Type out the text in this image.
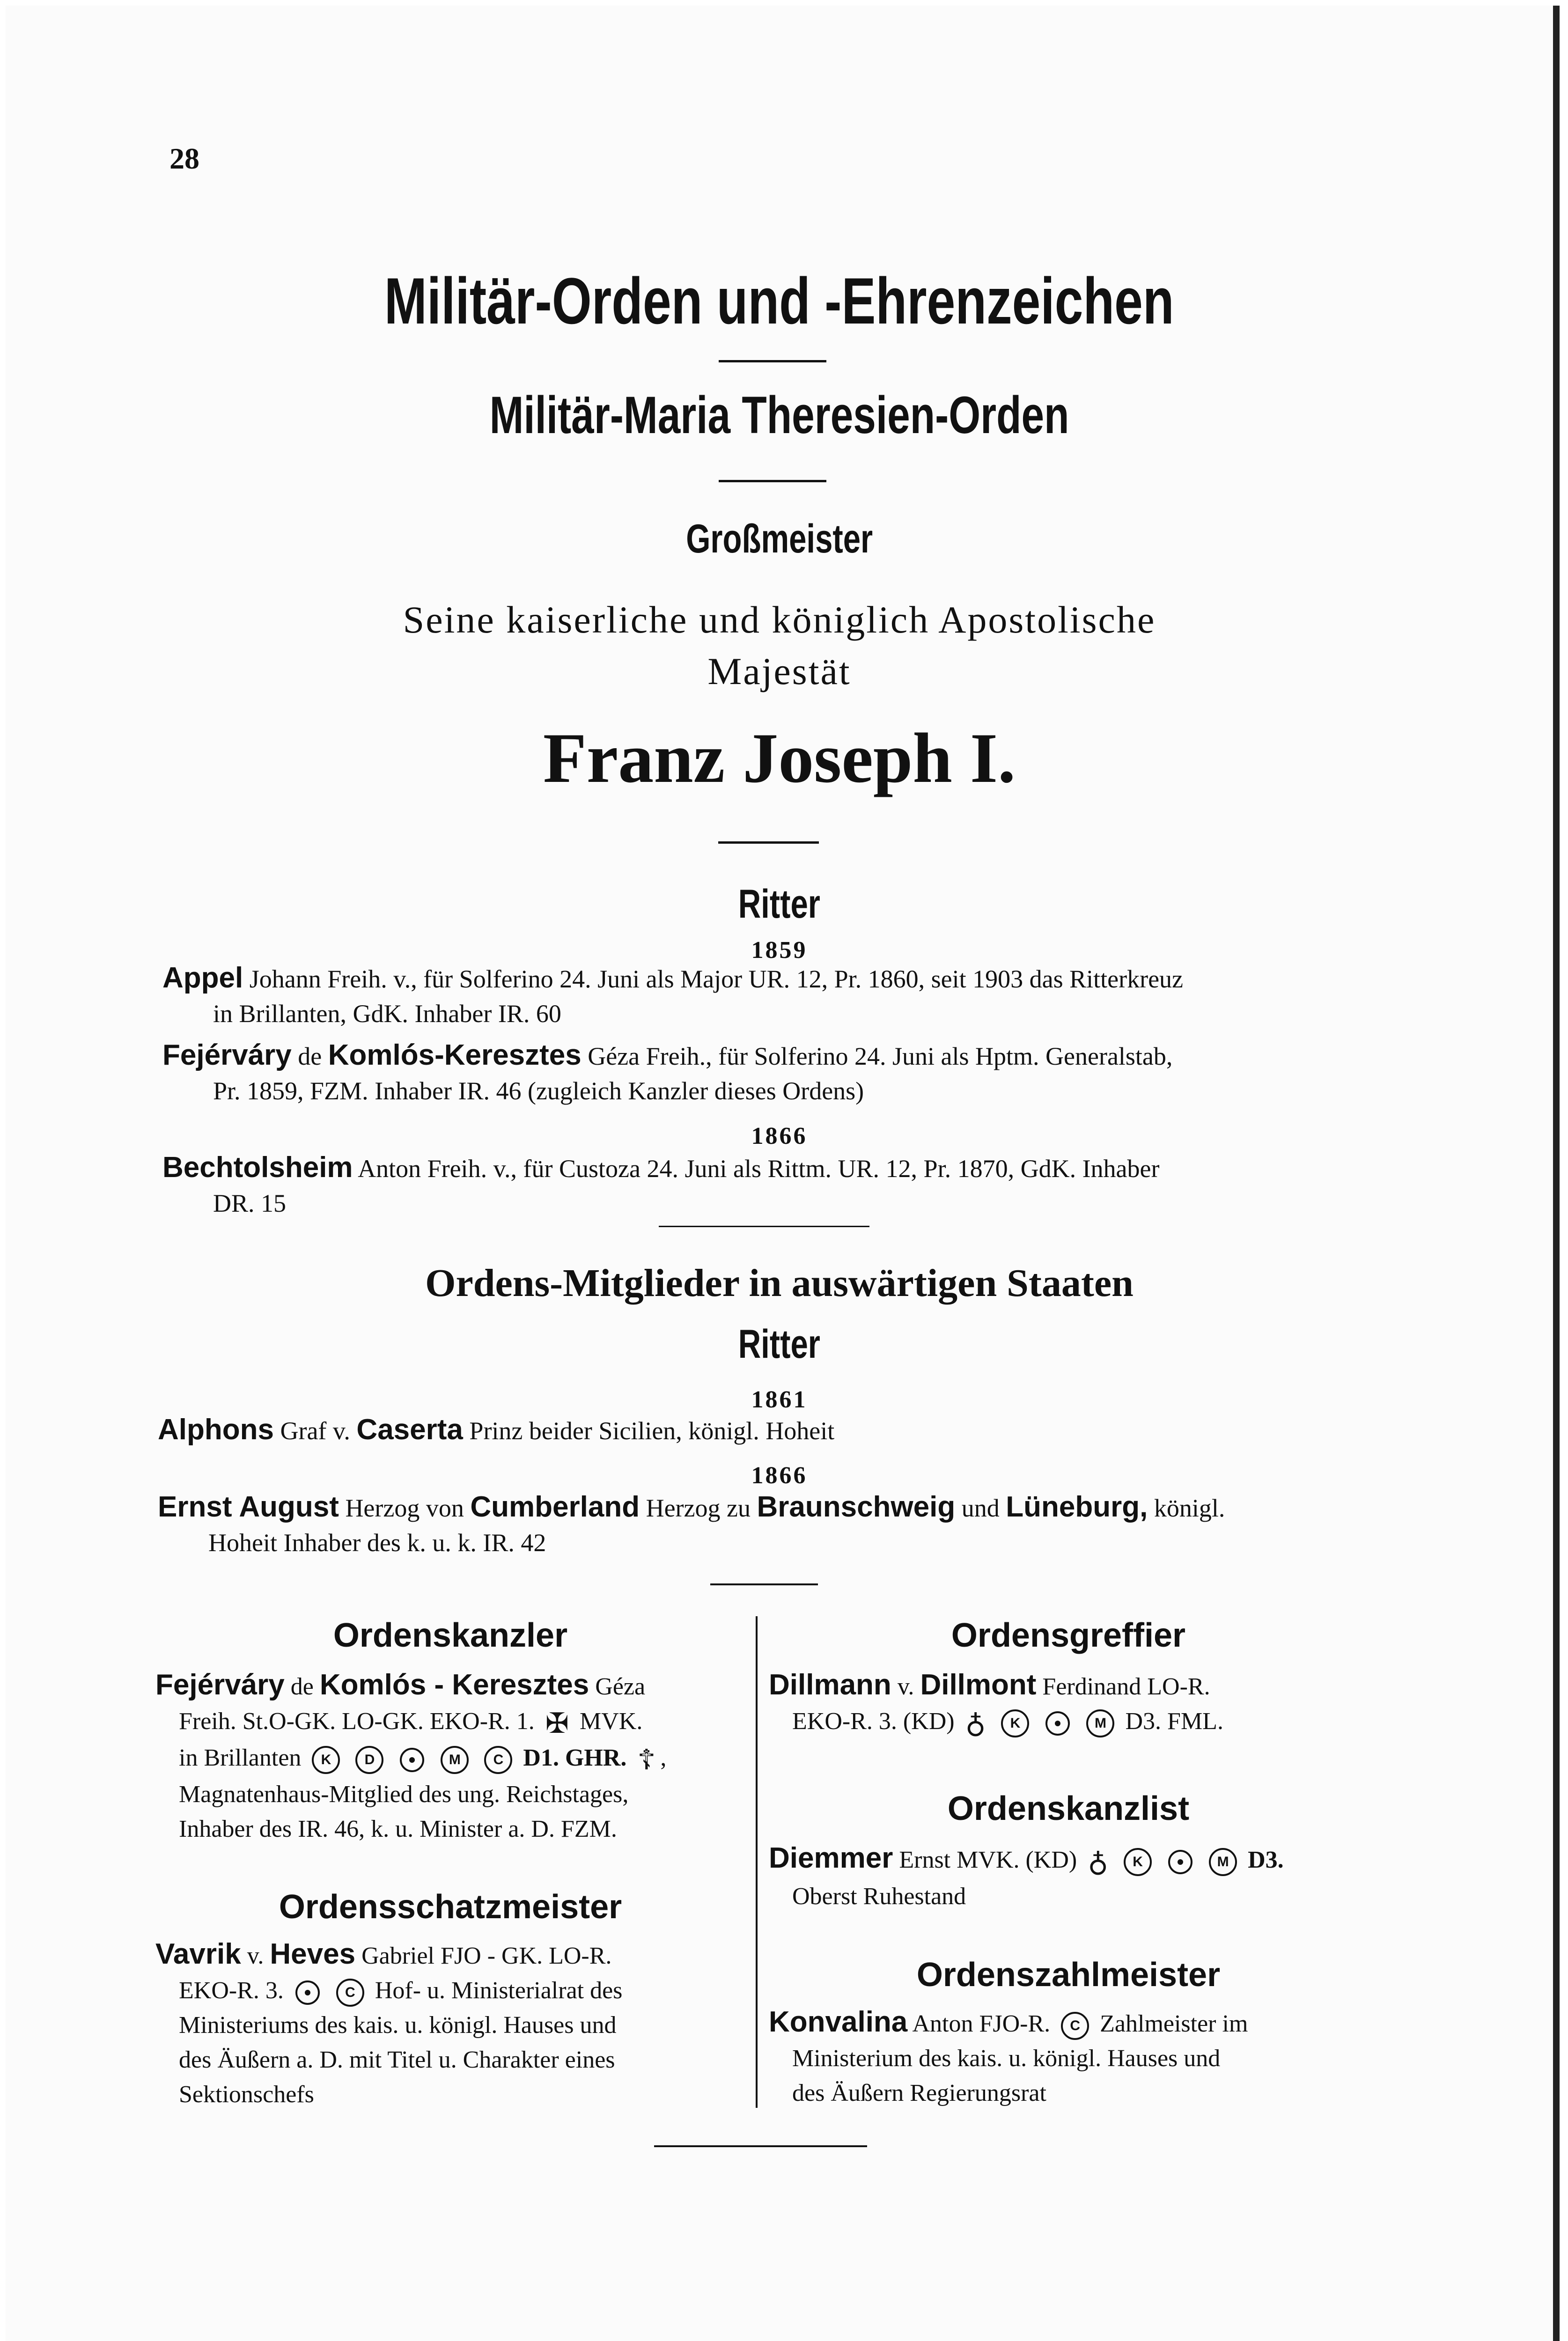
28
Militär-Orden und -Ehrenzeichen
Militär-Maria Theresien-Orden
Großmeister
Seine kaiserliche und königlich Apostolische
Majestät
Franz Joseph I.
Ritter
1859

Appel Johann Freih. v., für Solferino 24. Juni als Major UR. 12, Pr. 1860, seit 1903 das Ritterkreuz

in Brillanten, GdK. Inhaber IR. 60

Fejérváry de Komlós-Keresztes Géza Freih., für Solferino 24. Juni als Hptm. Generalstab,

Pr. 1859, FZM. Inhaber IR. 46 (zugleich Kanzler dieses Ordens)

1866

Bechtolsheim Anton Freih. v., für Custoza 24. Juni als Rittm. UR. 12, Pr. 1870, GdK. Inhaber

DR. 15

Ordens-Mitglieder in auswärtigen Staaten
Ritter
1861

Alphons Graf v. Caserta Prinz beider Sicilien, königl. Hoheit

1866

Ernst August Herzog von Cumberland Herzog zu Braunschweig und Lüneburg, königl.

Hoheit Inhaber des k. u. k. IR. 42

Ordenskanzler
Fejérváry de Komlós - Keresztes Géza
Freih. St.O-GK. LO-GK. EKO-R. 1. ✠ MVK.
in Brillanten K D	M C D1. GHR. ☦ ,
Magnatenhaus-Mitglied des ung. Reichstages,
Inhaber des IR. 46, k. u. Minister a. D. FZM.
Ordensschatzmeister
Vavrik v. Heves Gabriel FJO - GK. LO-R.
EKO-R. 3.	C Hof- u. Ministerialrat des
Ministeriums des kais. u. königl. Hauses und
des Äußern a. D. mit Titel u. Charakter eines
Sektionschefs
Ordensgreffier
Dillmann v. Dillmont Ferdinand LO-R.
EKO-R. 3. (KD) ♁ K	M D3. FML.
Ordenskanzlist
Diemmer Ernst MVK. (KD) ♁ K	M D3.
Oberst Ruhestand
Ordenszahlmeister
Konvalina Anton FJO-R. C Zahlmeister im
Ministerium des kais. u. königl. Hauses und
des Äußern Regierungsrat
